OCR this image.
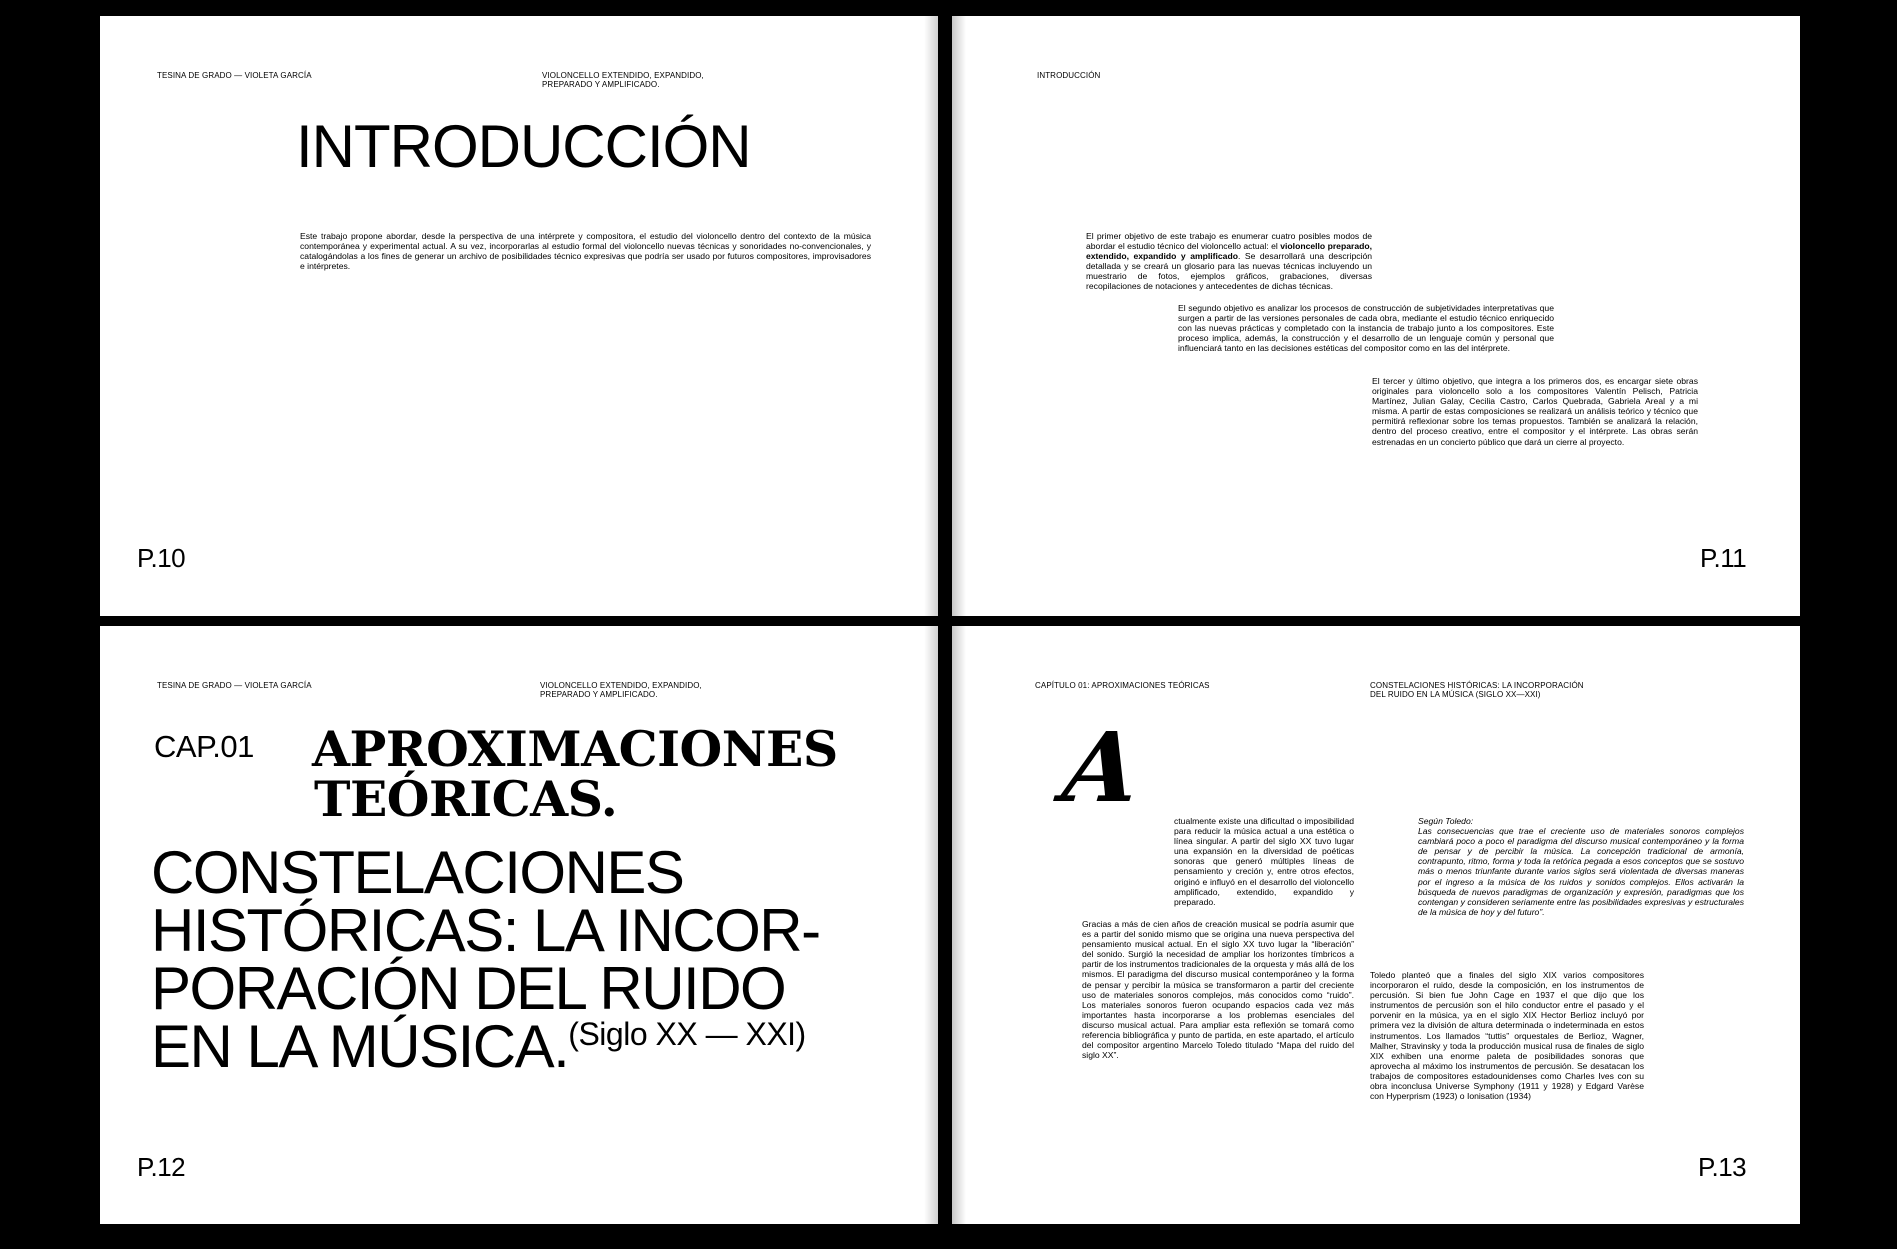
TESINA DE GRADO — VIOLETA GARCÍA	VIOLONCELLO EXTENDIDO, EXPANDIDO,
PREPARADO Y AMPLIFICADO.
INTRODUCCIÓN
Este trabajo propone abordar, desde la perspectiva de una intérprete y compositora, el estudio del violoncello dentro del contexto de la música contemporánea y experimental actual. A su vez, incorporarlas al estudio formal del violoncello nuevas técnicas y sonoridades no-convencionales, y catalogándolas a los fines de generar un archivo de posibilidades técnico expresivas que podría ser usado por futuros compositores, improvisadores e intérpretes.
P.10
INTRODUCCIÓN
El primer objetivo de este trabajo es enumerar cuatro posibles modos de abordar el estudio técnico del violoncello actual: el violoncello preparado, extendido, expandido y amplificado. Se desarrollará una descripción detallada y se creará un glosario para las nuevas técnicas incluyendo un muestrario de fotos, ejemplos gráficos, grabaciones, diversas recopilaciones de notaciones y antecedentes de dichas técnicas.
El segundo objetivo es analizar los procesos de construcción de subjetividades interpretativas que surgen a partir de las versiones personales de cada obra, mediante el estudio técnico enriquecido con las nuevas prácticas y completado con la instancia de trabajo junto a los compositores. Este proceso implica, además, la construcción y el desarrollo de un lenguaje común y personal que influenciará tanto en las decisiones estéticas del compositor como en las del intérprete.
El tercer y último objetivo, que integra a los primeros dos, es encargar siete obras originales para violoncello solo a los compositores Valentín Pelisch, Patricia Martínez, Julian Galay, Cecilia Castro, Carlos Quebrada, Gabriela Areal y a mi misma. A partir de estas composiciones se realizará un análisis teórico y técnico que permitirá reflexionar sobre los temas propuestos. También se analizará la relación, dentro del proceso creativo, entre el compositor y el intérprete. Las obras serán estrenadas en un concierto público que dará un cierre al proyecto.
P.11
TESINA DE GRADO — VIOLETA GARCÍA	VIOLONCELLO EXTENDIDO, EXPANDIDO,
PREPARADO Y AMPLIFICADO.
CAP.01 APROXIMACIONES
TEÓRICAS.
CONSTELACIONES
HISTÓRICAS: LA INCOR-
PORACIÓN DEL RUIDO
EN LA MÚSICA.$^{(Siglo XX — XXI)}$
P.12
CAPÍTULO 01: APROXIMACIONES TEÓRICAS	CONSTELACIONES HISTÓRICAS: LA INCORPORACIÓN
DEL RUIDO EN LA MÚSICA (SIGLO XX—XXI)
A	ctualmente existe una dificultad o imposibilidad para reducir la música actual a una estética o línea singular. A partir del siglo XX tuvo lugar una expansión en la diversidad de poéticas sonoras que generó múltiples líneas de pensamiento y creción y, entre otros efectos, originó e influyó en el desarrollo del violoncello amplificado, extendido, expandido y preparado.
Gracias a más de cien años de creación musical se podría asumir que es a partir del sonido mismo que se origina una nueva perspectiva del pensamiento musical actual. En el siglo XX tuvo lugar la “liberación” del sonido. Surgió la necesidad de ampliar los horizontes tímbricos a partir de los instrumentos tradicionales de la orquesta y más allá de los mismos. El paradigma del discurso musical contemporáneo y la forma de pensar y percibir la música se transformaron a partir del creciente uso de materiales sonoros complejos, más conocidos como “ruido”. Los materiales sonoros fueron ocupando espacios cada vez más importantes hasta incorporarse a los problemas esenciales del discurso musical actual. Para ampliar esta reflexión se tomará como referencia bibliográfica y punto de partida, en este apartado, el artículo del compositor argentino Marcelo Toledo titulado “Mapa del ruido del siglo XX”.
Según Toledo:
Las consecuencias que trae el creciente uso de materiales sonoros complejos cambiará poco a poco el paradigma del discurso musical contemporáneo y la forma de pensar y de percibir la música. La concepción tradicional de armonía, contrapunto, ritmo, forma y toda la retórica pegada a esos conceptos que se sostuvo más o menos triunfante durante varios siglos será violentada de diversas maneras por el ingreso a la música de los ruidos y sonidos complejos. Ellos activarán la búsqueda de nuevos paradigmas de organización y expresión, paradigmas que los contengan y consideren seriamente entre las posibilidades expresivas y estructurales de la música de hoy y del futuro”.
Toledo planteó que a finales del siglo XIX varios compositores incorporaron el ruido, desde la composición, en los instrumentos de percusión. Si bien fue John Cage en 1937 el que dijo que los instrumentos de percusión son el hilo conductor entre el pasado y el porvenir en la música, ya en el siglo XIX Hector Berlioz incluyó por primera vez la división de altura determinada o indeterminada en estos instrumentos. Los llamados “tuttis” orquestales de Berlioz, Wagner, Malher, Stravinsky y toda la producción musical rusa de finales de siglo XIX exhiben una enorme paleta de posibilidades sonoras que aprovecha al máximo los instrumentos de percusión. Se desatacan los trabajos de compositores estadounidenses como Charles Ives con su obra inconclusa Universe Symphony (1911 y 1928) y Edgard Varèse con Hyperprism (1923) o Ionisation (1934)
P.13
